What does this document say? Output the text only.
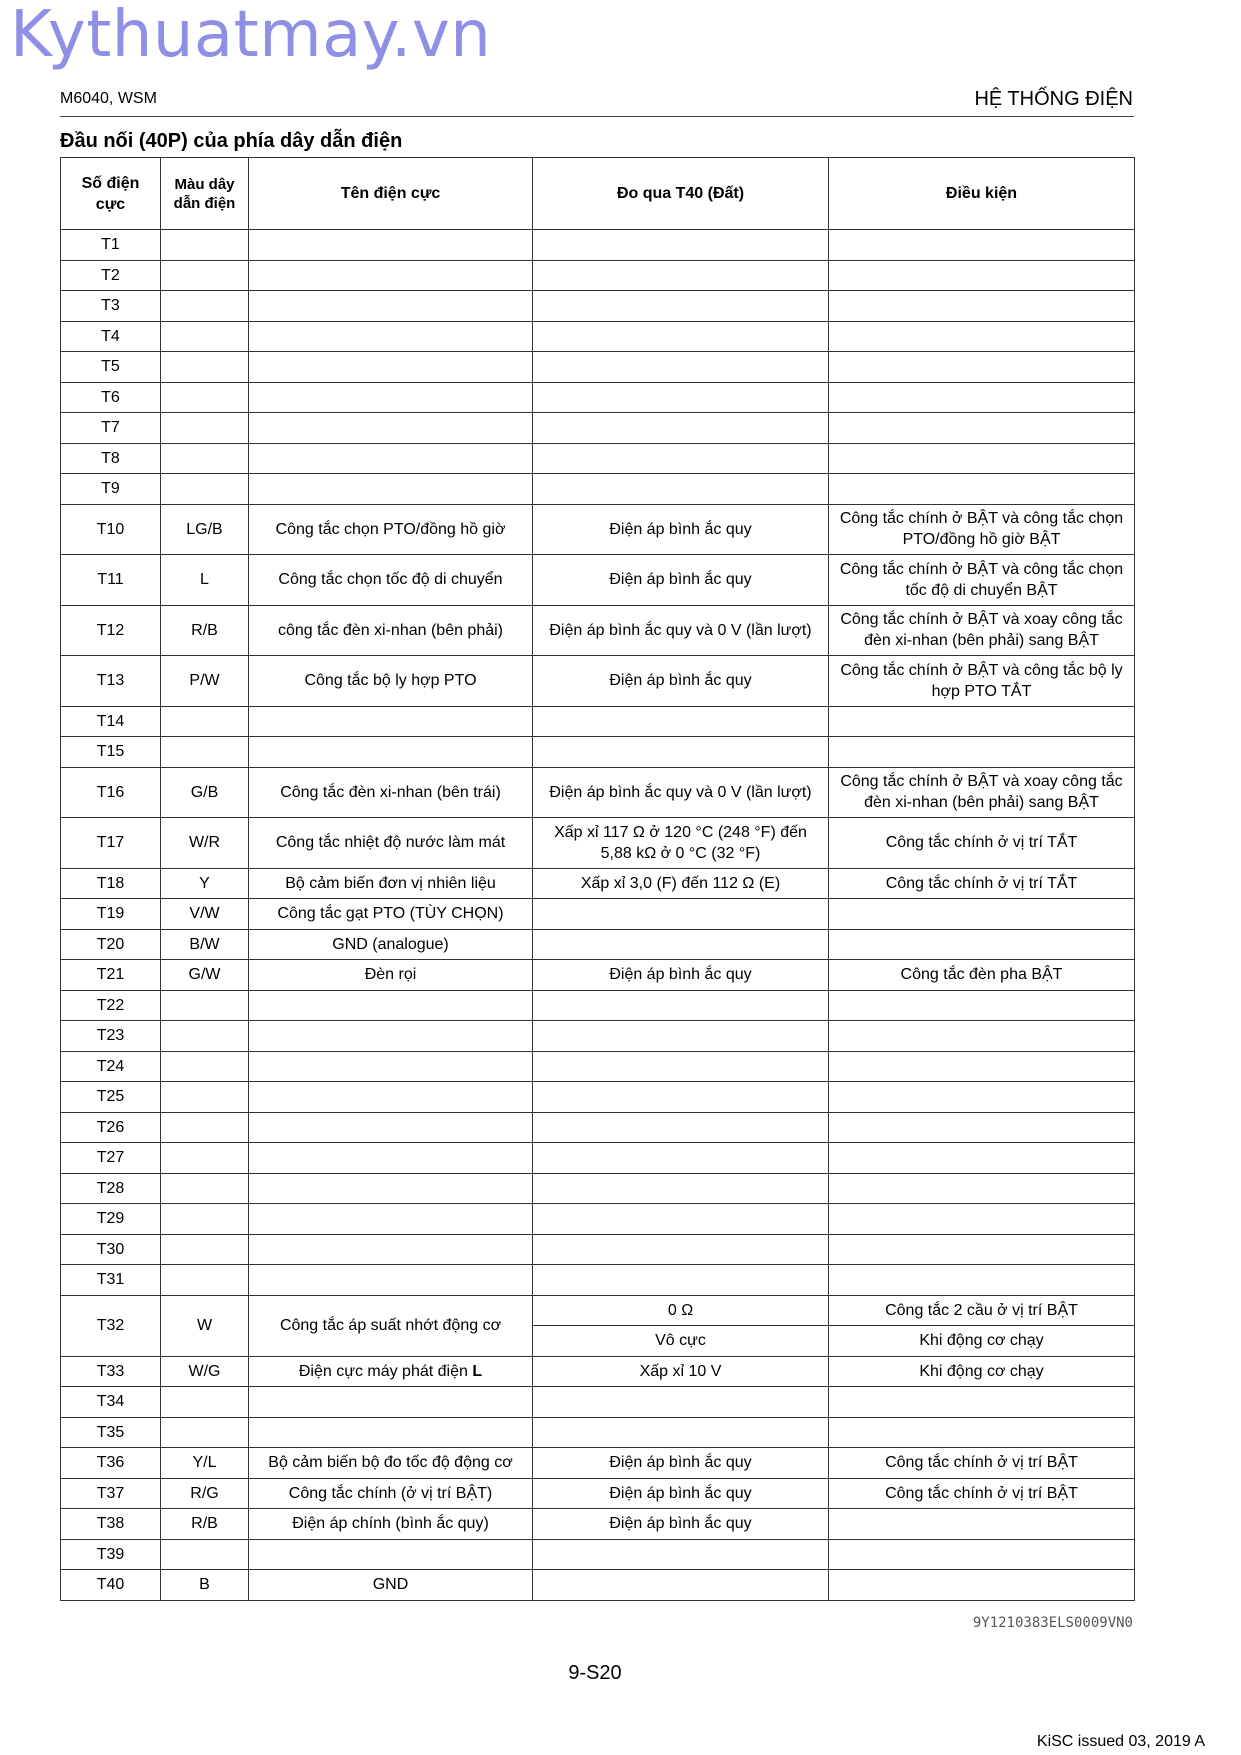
Kythuatmay.vn
M6040, WSM	HỆ THỐNG ĐIỆN
Đầu nối (40P) của phía dây dẫn điện
Số điện cực	Màu dây dẫn điện	Tên điện cực	Đo qua T40 (Đất)	Điều kiện
T1				
T2				
T3				
T4				
T5				
T6				
T7				
T8				
T9				
T10	LG/B	Công tắc chọn PTO/đồng hồ giờ	Điện áp bình ắc quy	Công tắc chính ở BẬT và công tắc chọn PTO/đồng hồ giờ BẬT
T11	L	Công tắc chọn tốc độ di chuyển	Điện áp bình ắc quy	Công tắc chính ở BẬT và công tắc chọn tốc độ di chuyển BẬT
T12	R/B	công tắc đèn xi-nhan (bên phải)	Điện áp bình ắc quy và 0 V (lần lượt)	Công tắc chính ở BẬT và xoay công tắc đèn xi-nhan (bên phải) sang BẬT
T13	P/W	Công tắc bộ ly hợp PTO	Điện áp bình ắc quy	Công tắc chính ở BẬT và công tắc bộ ly hợp PTO TẮT
T14				
T15				
T16	G/B	Công tắc đèn xi-nhan (bên trái)	Điện áp bình ắc quy và 0 V (lần lượt)	Công tắc chính ở BẬT và xoay công tắc đèn xi-nhan (bên phải) sang BẬT
T17	W/R	Công tắc nhiệt độ nước làm mát	Xấp xỉ 117 Ω ở 120 °C (248 °F) đến 5,88 kΩ ở 0 °C (32 °F)	Công tắc chính ở vị trí TẮT
T18	Y	Bộ cảm biến đơn vị nhiên liệu	Xấp xỉ 3,0 (F) đến 112 Ω (E)	Công tắc chính ở vị trí TẮT
T19	V/W	Công tắc gạt PTO (TÙY CHỌN)		
T20	B/W	GND (analogue)		
T21	G/W	Đèn rọi	Điện áp bình ắc quy	Công tắc đèn pha BẬT
T22				
T23				
T24				
T25				
T26				
T27				
T28				
T29				
T30				
T31				
T32	W	Công tắc áp suất nhớt động cơ	0 Ω	Công tắc 2 cầu ở vị trí BẬT
			Vô cực	Khi động cơ chạy
T33	W/G	Điện cực máy phát điện L	Xấp xỉ 10 V	Khi động cơ chạy
T34				
T35				
T36	Y/L	Bộ cảm biến bộ đo tốc độ động cơ	Điện áp bình ắc quy	Công tắc chính ở vị trí BẬT
T37	R/G	Công tắc chính (ở vị trí BẬT)	Điện áp bình ắc quy	Công tắc chính ở vị trí BẬT
T38	R/B	Điện áp chính (bình ắc quy)	Điện áp bình ắc quy	
T39				
T40	B	GND		
9Y1210383ELS0009VN0
9-S20
KiSC issued 03, 2019 A
